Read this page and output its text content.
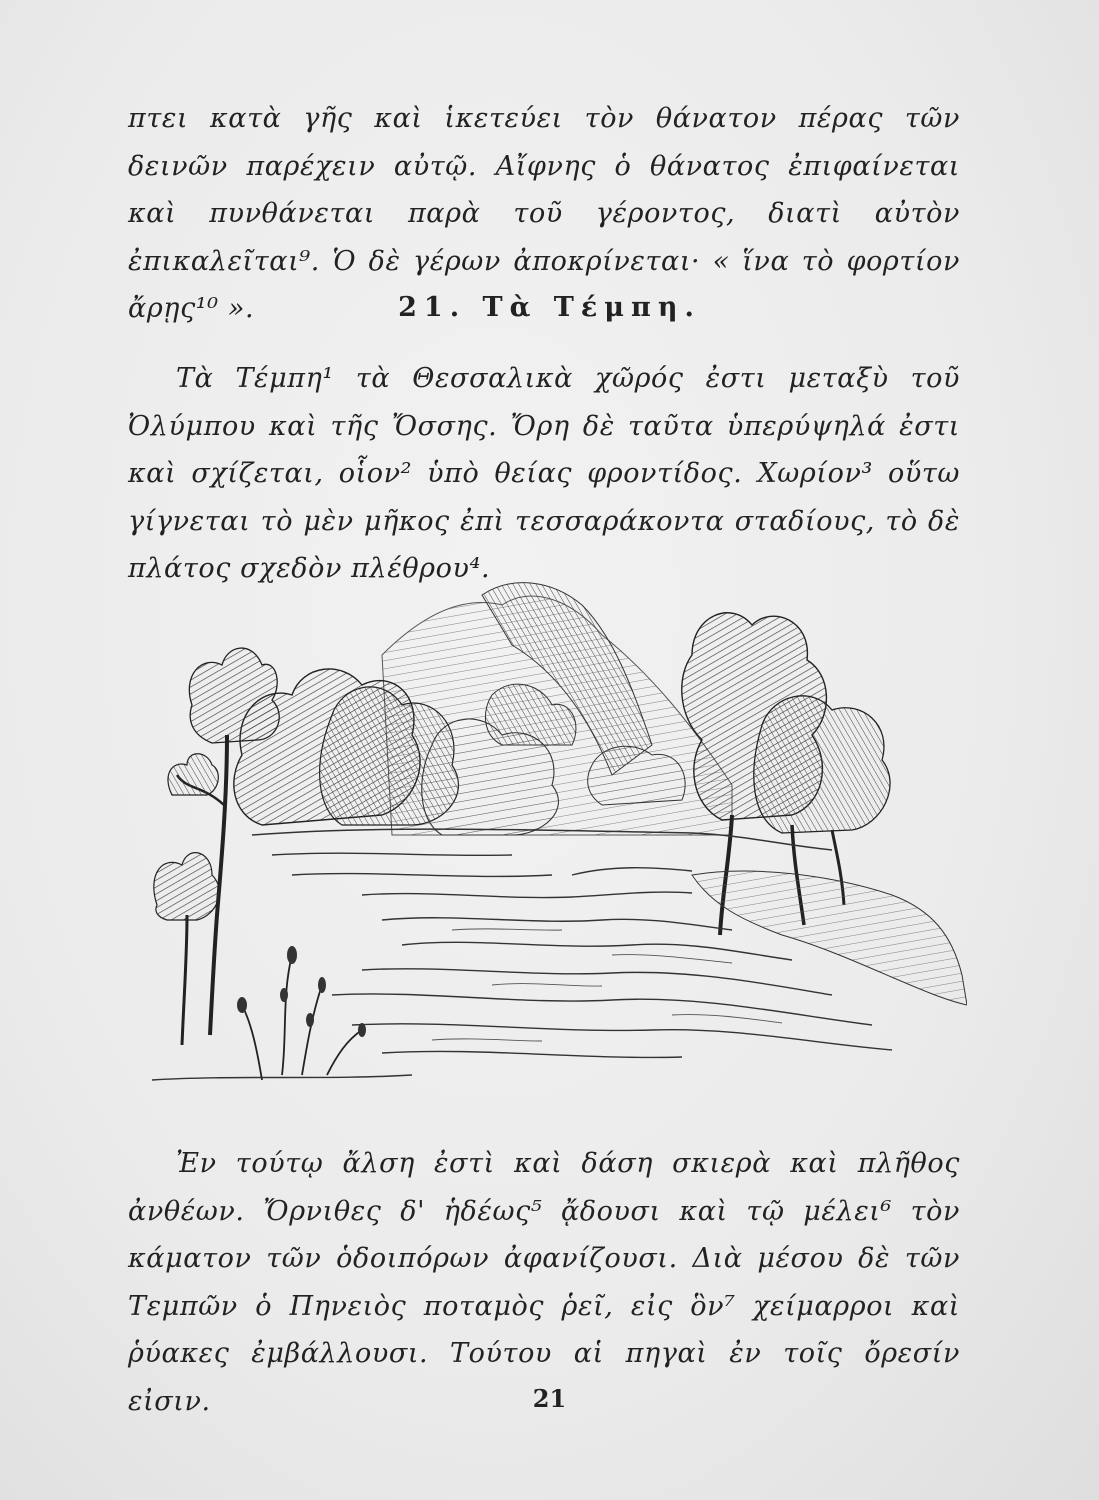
πτει κατὰ γῆς καὶ ἱκετεύει τὸν θάνατον πέρας τῶν δεινῶν παρέχειν αὐτῷ. Αἴφνης ὁ θάνατος ἐπιφαίνεται καὶ πυνθάνεται παρὰ τοῦ γέροντος, διατὶ αὐτὸν ἐπικαλεῖται⁹. Ὁ δὲ γέρων ἀποκρίνεται· « ἵνα τὸ φορτίον ἄρῃς¹⁰ ».	21. Τὰ Τέμπη.

Τὰ Τέμπη¹ τὰ Θεσσαλικὰ χῶρός ἐστι μεταξὺ τοῦ Ὀλύμπου καὶ τῆς Ὄσσης. Ὄρη δὲ ταῦτα ὑπερύψηλά ἐστι καὶ σχίζεται, οἷον² ὑπὸ θείας φροντίδος. Χωρίον³ οὕτω γίγνεται τὸ μὲν μῆκος ἐπὶ τεσσαράκοντα σταδίους, τὸ δὲ πλάτος σχεδὸν πλέθρου⁴.

Ἐν τούτῳ ἄλση ἐστὶ καὶ δάση σκιερὰ καὶ πλῆθος ἀνθέων. Ὄρνιθες δ' ἡδέως⁵ ᾄδουσι καὶ τῷ μέλει⁶ τὸν κάματον τῶν ὁδοιπόρων ἀφανίζουσι. Διὰ μέσου δὲ τῶν Τεμπῶν ὁ Πηνειὸς ποταμὸς ῥεῖ, εἰς ὃν⁷ χείμαρροι καὶ ῥύακες ἐμβάλλουσι. Τούτου αἱ πηγαὶ ἐν τοῖς ὄρεσίν εἰσιν.	21
